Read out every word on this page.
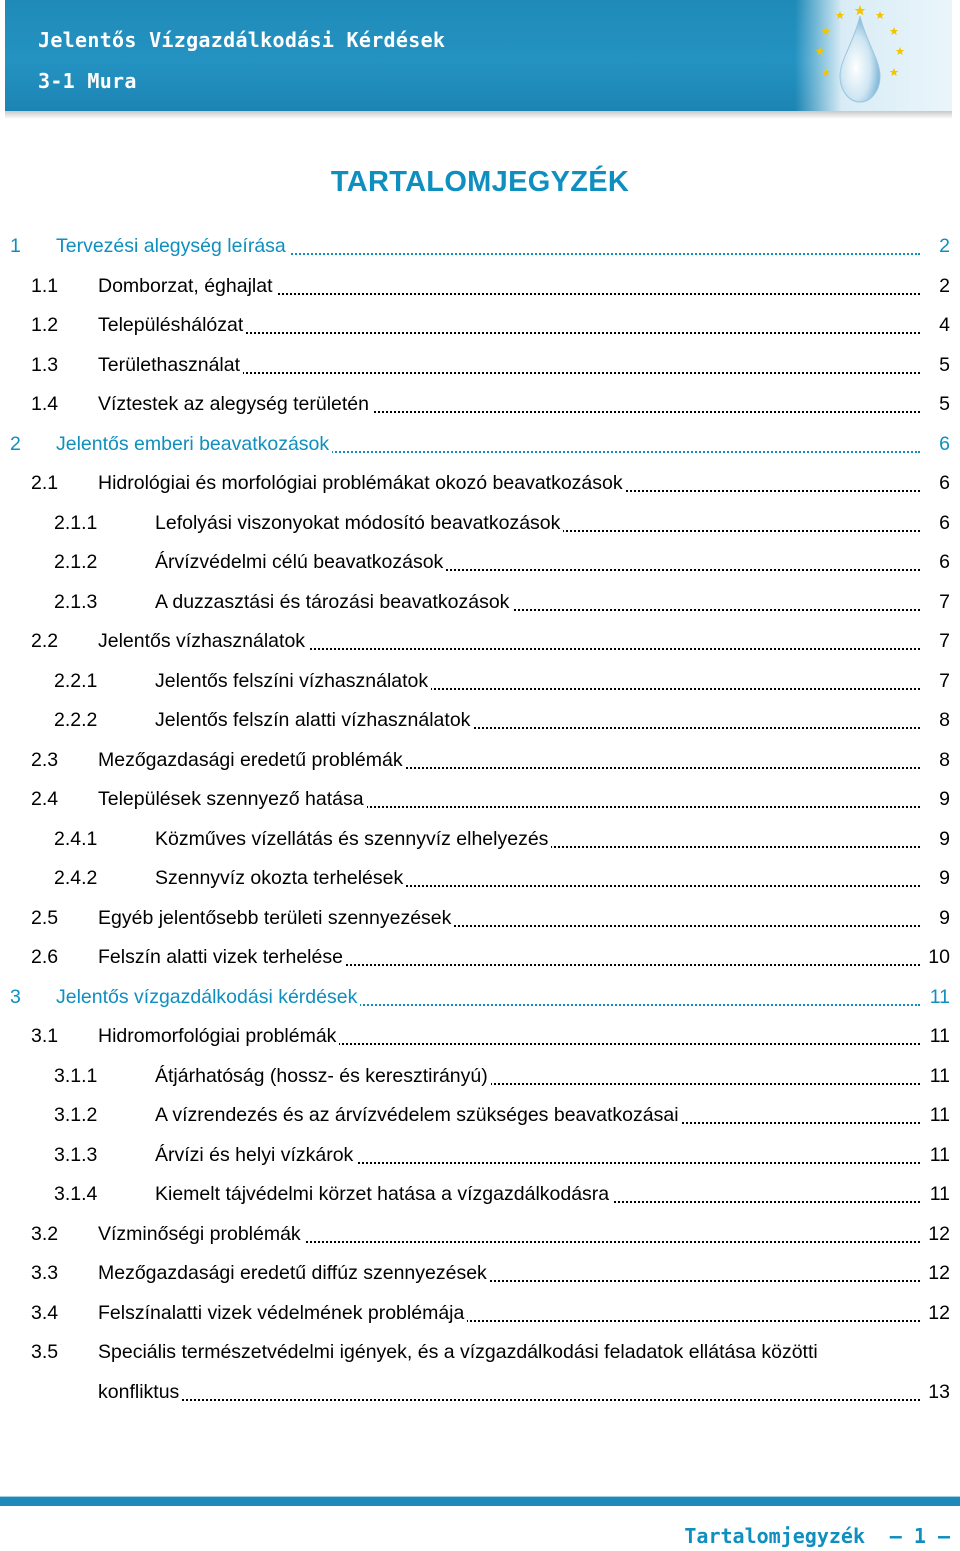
Jelentős Vízgazdálkodási Kérdések
3-1 Mura
TARTALOMJEGYZÉK
1 Tervezési alegység leírása	2
1.1 Domborzat, éghajlat	2
1.2 Településhálózat	4
1.3 Területhasználat	5
1.4 Víztestek az alegység területén	5
2 Jelentős emberi beavatkozások	6
2.1 Hidrológiai és morfológiai problémákat okozó beavatkozások	6
2.1.1	Lefolyási viszonyokat módosító beavatkozások	6
2.1.2	Árvízvédelmi célú beavatkozások	6
2.1.3	A duzzasztási és tározási beavatkozások	7
2.2 Jelentős vízhasználatok	7
2.2.1	Jelentős felszíni vízhasználatok	7
2.2.2	Jelentős felszín alatti vízhasználatok	8
2.3 Mezőgazdasági eredetű problémák	8
2.4 Települések szennyező hatása	9
2.4.1	Közműves vízellátás és szennyvíz elhelyezés	9
2.4.2	Szennyvíz okozta terhelések	9
2.5 Egyéb jelentősebb területi szennyezések	9
2.6 Felszín alatti vizek terhelése	10
3 Jelentős vízgazdálkodási kérdések	11
3.1 Hidromorfológiai problémák	11
3.1.1	Átjárhatóság (hossz- és keresztirányú)	11
3.1.2	A vízrendezés és az árvízvédelem szükséges beavatkozásai	11
3.1.3	Árvízi és helyi vízkárok	11
3.1.4	Kiemelt tájvédelmi körzet hatása a vízgazdálkodásra	11
3.2 Vízminőségi problémák	12
3.3 Mezőgazdasági eredetű diffúz szennyezések	12
3.4 Felszínalatti vizek védelmének problémája	12
3.5 Speciális természetvédelmi igények, és a vízgazdálkodási feladatok ellátása közötti
konfliktus	13
Tartalomjegyzék – 1 –
